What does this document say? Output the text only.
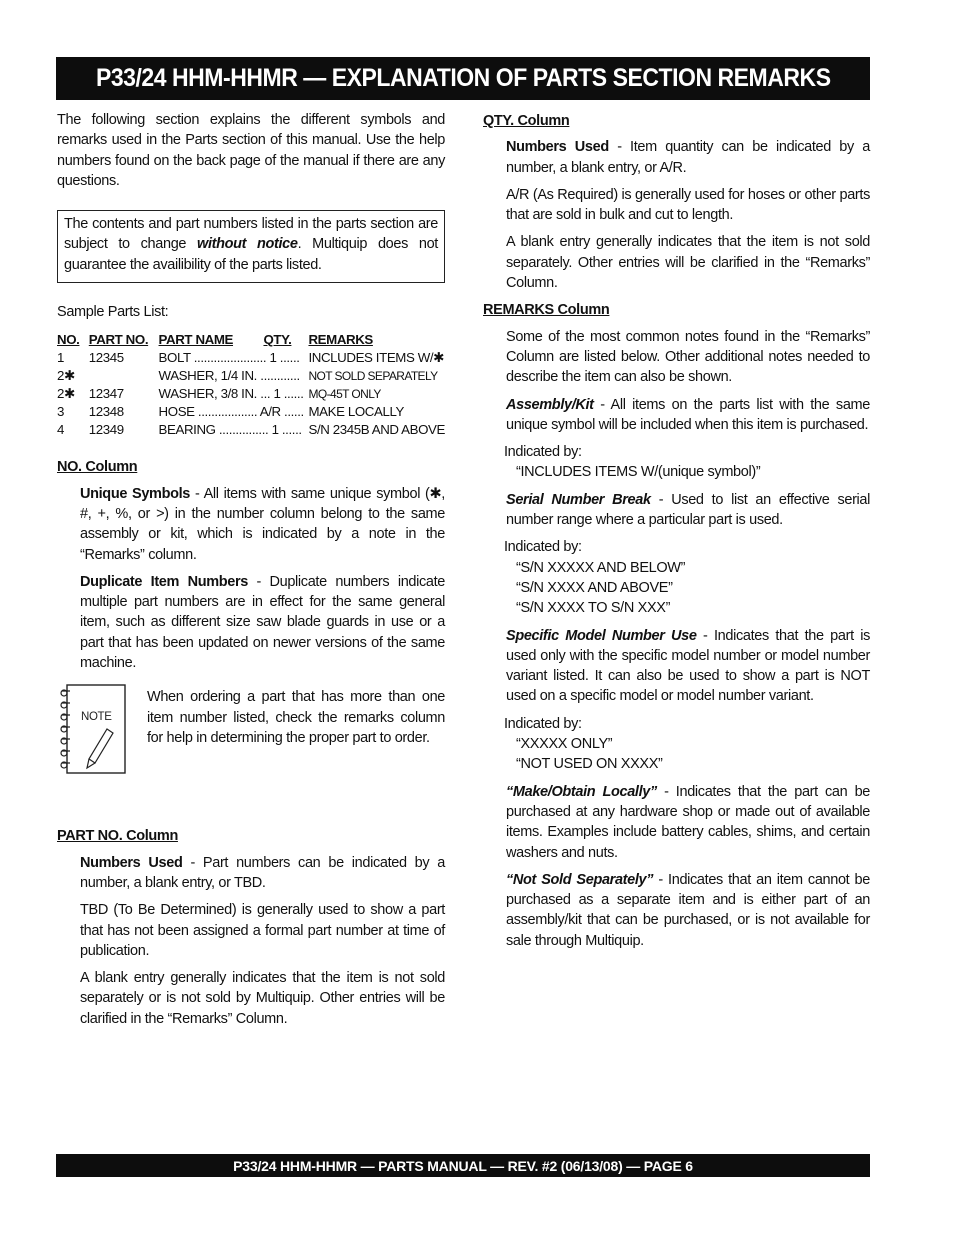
P33/24 HHM-HHMR — EXPLANATION OF PARTS SECTION REMARKS

The following section explains the different symbols and remarks used in the Parts section of this manual. Use the help numbers found on the back page of the manual if there are any questions.

The contents and part numbers listed in the parts section are subject to change without notice. Multiquip does not guarantee the availibility of the parts listed.

Sample Parts List:

NO.	PART NO.	PART NAME	QTY.	REMARKS
1	12345	BOLT ...................... 1 ......		INCLUDES ITEMS W/✱
2✱		WASHER, 1/4 IN. ............		NOT SOLD SEPARATELY
2✱	12347	WASHER, 3/8 IN. ... 1 ......		MQ-45T ONLY
3	12348	HOSE .................. A/R ......		MAKE LOCALLY
4	12349	BEARING ............... 1 ......		S/N 2345B AND ABOVE

NO. Column

Unique Symbols - All items with same unique symbol (✱, #, +, %, or >) in the number column belong to the same assembly or kit, which is indicated by a note in the “Remarks” column.

Duplicate Item Numbers - Duplicate numbers indicate multiple part numbers are in effect for the same general item, such as different size saw blade guards in use or a part that has been updated on newer versions of the same machine.

NOTE

When ordering a part that has more than one item number listed, check the remarks column for help in determining the proper part to order.

PART NO. Column

Numbers Used - Part numbers can be indicated by a number, a blank entry, or TBD.

TBD (To Be Determined) is generally used to show a part that has not been assigned a formal part number at time of publication.

A blank entry generally indicates that the item is not sold separately or is not sold by Multiquip. Other entries will be clarified in the “Remarks” Column.

QTY. Column

Numbers Used - Item quantity can be indicated by a number, a blank entry, or A/R.

A/R (As Required) is generally used for hoses or other parts that are sold in bulk and cut to length.

A blank entry generally indicates that the item is not sold separately. Other entries will be clarified in the “Remarks” Column.

REMARKS Column

Some of the most common notes found in the “Remarks” Column are listed below. Other additional notes needed to describe the item can also be shown.

Assembly/Kit - All items on the parts list with the same unique symbol will be included when this item is purchased.

Indicated by:

“INCLUDES ITEMS W/(unique symbol)”

Serial Number Break - Used to list an effective serial number range where a particular part is used.

Indicated by:

“S/N XXXXX AND BELOW”

“S/N XXXX AND ABOVE”

“S/N XXXX TO S/N XXX”

Specific Model Number Use - Indicates that the part is used only with the specific model number or model number variant listed. It can also be used to show a part is NOT used on a specific model or model number variant.

Indicated by:

“XXXXX ONLY”

“NOT USED ON XXXX”

“Make/Obtain Locally” - Indicates that the part can be purchased at any hardware shop or made out of available items. Examples include battery cables, shims, and certain washers and nuts.

“Not Sold Separately” - Indicates that an item cannot be purchased as a separate item and is either part of an assembly/kit that can be purchased, or is not available for sale through Multiquip.

P33/24 HHM-HHMR — PARTS MANUAL — REV. #2 (06/13/08) — PAGE 6
